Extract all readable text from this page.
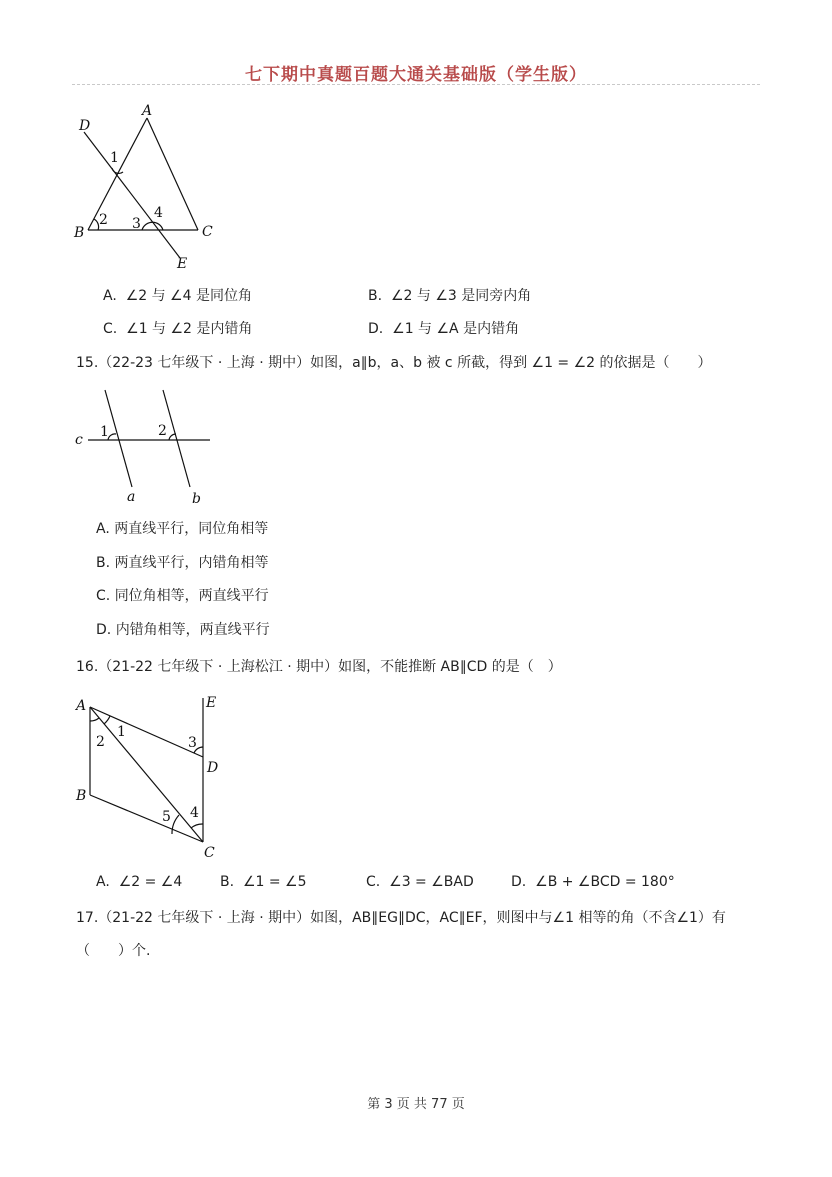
七下期中真题百题大通关基础版（学生版）
A
D
1
2 3
4
B	C
E
A. ∠2 与 ∠4 是同位角	B. ∠2 与 ∠3 是同旁内角
C. ∠1 与 ∠2 是内错角	D. ∠1 与 ∠A 是内错角
15.（22-23 七年级下 · 上海 · 期中）如图，a∥b，a、b 被 c 所截，得到 ∠1 = ∠2 的依据是（　　）
c 1	2
a	b
A. 两直线平行，同位角相等
B. 两直线平行，内错角相等
C. 同位角相等，两直线平行
D. 内错角相等，两直线平行
16.（21-22 七年级下 · 上海松江 · 期中）如图，不能推断 AB∥CD 的是（　）
A	E
1
2	3
D
B
4
5
C
A. ∠2 = ∠4	B. ∠1 = ∠5	C. ∠3 = ∠BAD	D. ∠B + ∠BCD = 180°
17.（21-22 七年级下 · 上海 · 期中）如图，AB∥EG∥DC，AC∥EF，则图中与∠1 相等的角（不含∠1）有
（　　）个.
第 3 页 共 77 页
